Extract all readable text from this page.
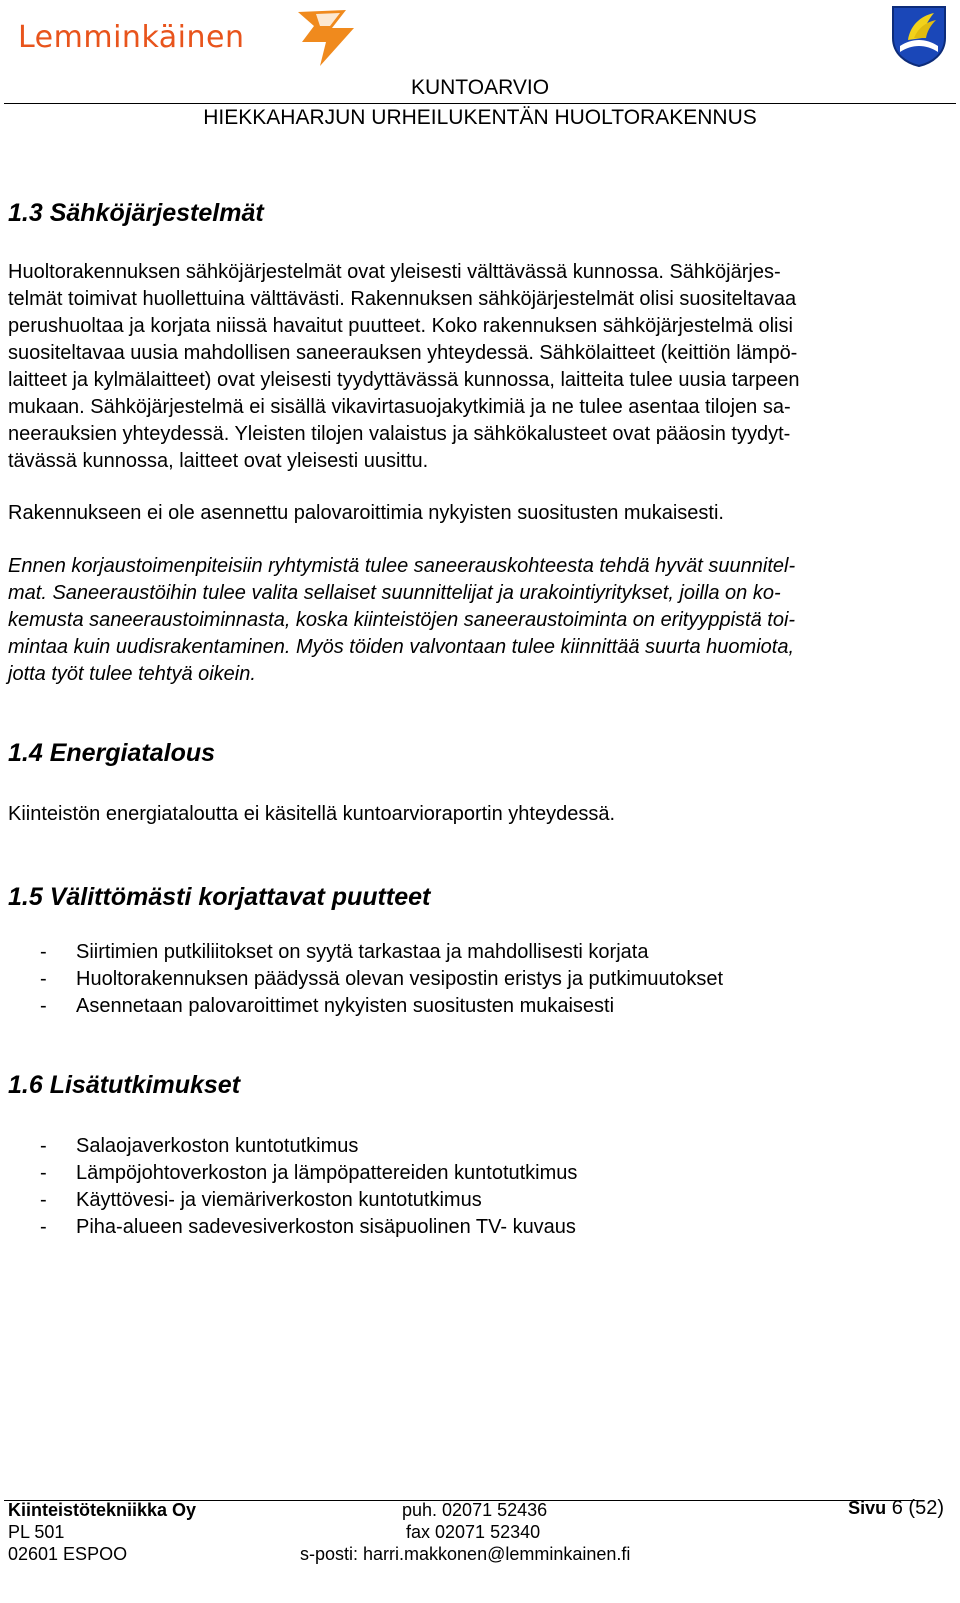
Lemminkäinen
KUNTOARVIO
HIEKKAHARJUN URHEILUKENTÄN HUOLTORAKENNUS
1.3 Sähköjärjestelmät
Huoltorakennuksen sähköjärjestelmät ovat yleisesti välttävässä kunnossa. Sähköjärjes-
telmät toimivat huollettuina välttävästi. Rakennuksen sähköjärjestelmät olisi suositeltavaa
perushuoltaa ja korjata niissä havaitut puutteet. Koko rakennuksen sähköjärjestelmä olisi
suositeltavaa uusia mahdollisen saneerauksen yhteydessä. Sähkölaitteet (keittiön lämpö-
laitteet ja kylmälaitteet) ovat yleisesti tyydyttävässä kunnossa, laitteita tulee uusia tarpeen
mukaan. Sähköjärjestelmä ei sisällä vikavirtasuojakytkimiä ja ne tulee asentaa tilojen sa-
neerauksien yhteydessä. Yleisten tilojen valaistus ja sähkökalusteet ovat pääosin tyydyt-
tävässä kunnossa, laitteet ovat yleisesti uusittu.
Rakennukseen ei ole asennettu palovaroittimia nykyisten suositusten mukaisesti.
Ennen korjaustoimenpiteisiin ryhtymistä tulee saneerauskohteesta tehdä hyvät suunnitel-
mat. Saneeraustöihin tulee valita sellaiset suunnittelijat ja urakointiyritykset, joilla on ko-
kemusta saneeraustoiminnasta, koska kiinteistöjen saneeraustoiminta on erityyppistä toi-
mintaa kuin uudisrakentaminen. Myös töiden valvontaan tulee kiinnittää suurta huomiota,
jotta työt tulee tehtyä oikein.
1.4 Energiatalous
Kiinteistön energiataloutta ei käsitellä kuntoarvioraportin yhteydessä.
1.5 Välittömästi korjattavat puutteet
- Siirtimien putkiliitokset on syytä tarkastaa ja mahdollisesti korjata
- Huoltorakennuksen päädyssä olevan vesipostin eristys ja putkimuutokset
- Asennetaan palovaroittimet nykyisten suositusten mukaisesti
1.6 Lisätutkimukset
- Salaojaverkoston kuntotutkimus
- Lämpöjohtoverkoston ja lämpöpattereiden kuntotutkimus
- Käyttövesi- ja viemäriverkoston kuntotutkimus
- Piha-alueen sadevesiverkoston sisäpuolinen TV- kuvaus
Kiinteistötekniikka Oy
PL 501
02601 ESPOO
puh. 02071 52436
fax 02071 52340
s-posti: harri.makkonen@lemminkainen.fi
Sivu 6 (52)
